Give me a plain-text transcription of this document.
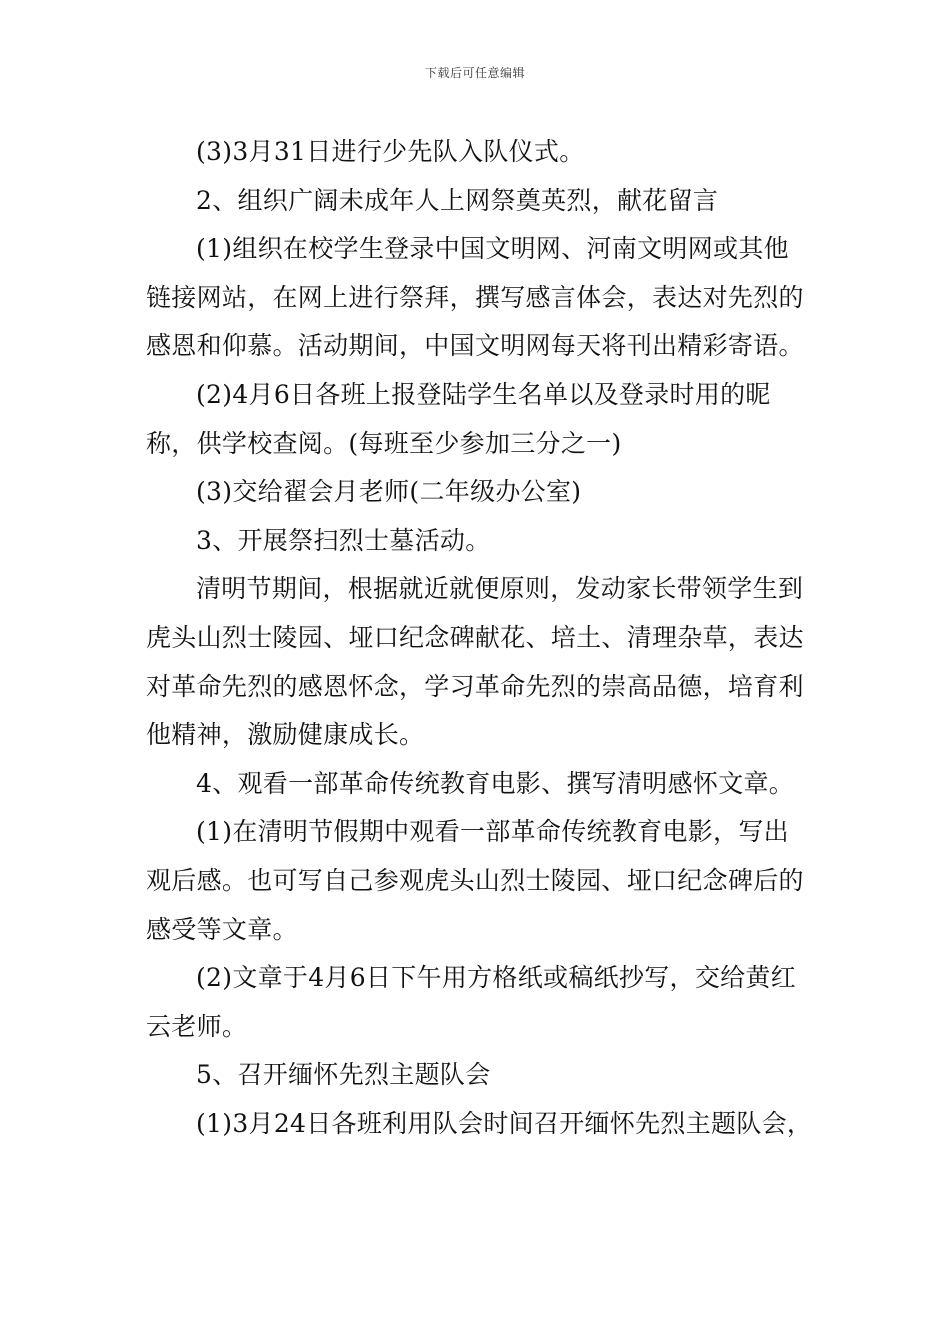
下载后可任意编辑

(3)3月31日进行少先队入队仪式。

2、组织广阔未成年人上网祭奠英烈，献花留言

(1)组织在校学生登录中国文明网、河南文明网或其他链接网站，在网上进行祭拜，撰写感言体会，表达对先烈的感恩和仰慕。活动期间，中国文明网每天将刊出精彩寄语。

(2)4月6日各班上报登陆学生名单以及登录时用的昵称，供学校查阅。(每班至少参加三分之一)

(3)交给翟会月老师(二年级办公室)

3、开展祭扫烈士墓活动。

清明节期间，根据就近就便原则，发动家长带领学生到虎头山烈士陵园、垭口纪念碑献花、培土、清理杂草，表达对革命先烈的感恩怀念，学习革命先烈的崇高品德，培育利他精神，激励健康成长。

4、观看一部革命传统教育电影、撰写清明感怀文章。

(1)在清明节假期中观看一部革命传统教育电影，写出观后感。也可写自己参观虎头山烈士陵园、垭口纪念碑后的感受等文章。

(2)文章于4月6日下午用方格纸或稿纸抄写，交给黄红云老师。

5、召开缅怀先烈主题队会

(1)3月24日各班利用队会时间召开缅怀先烈主题队会，
